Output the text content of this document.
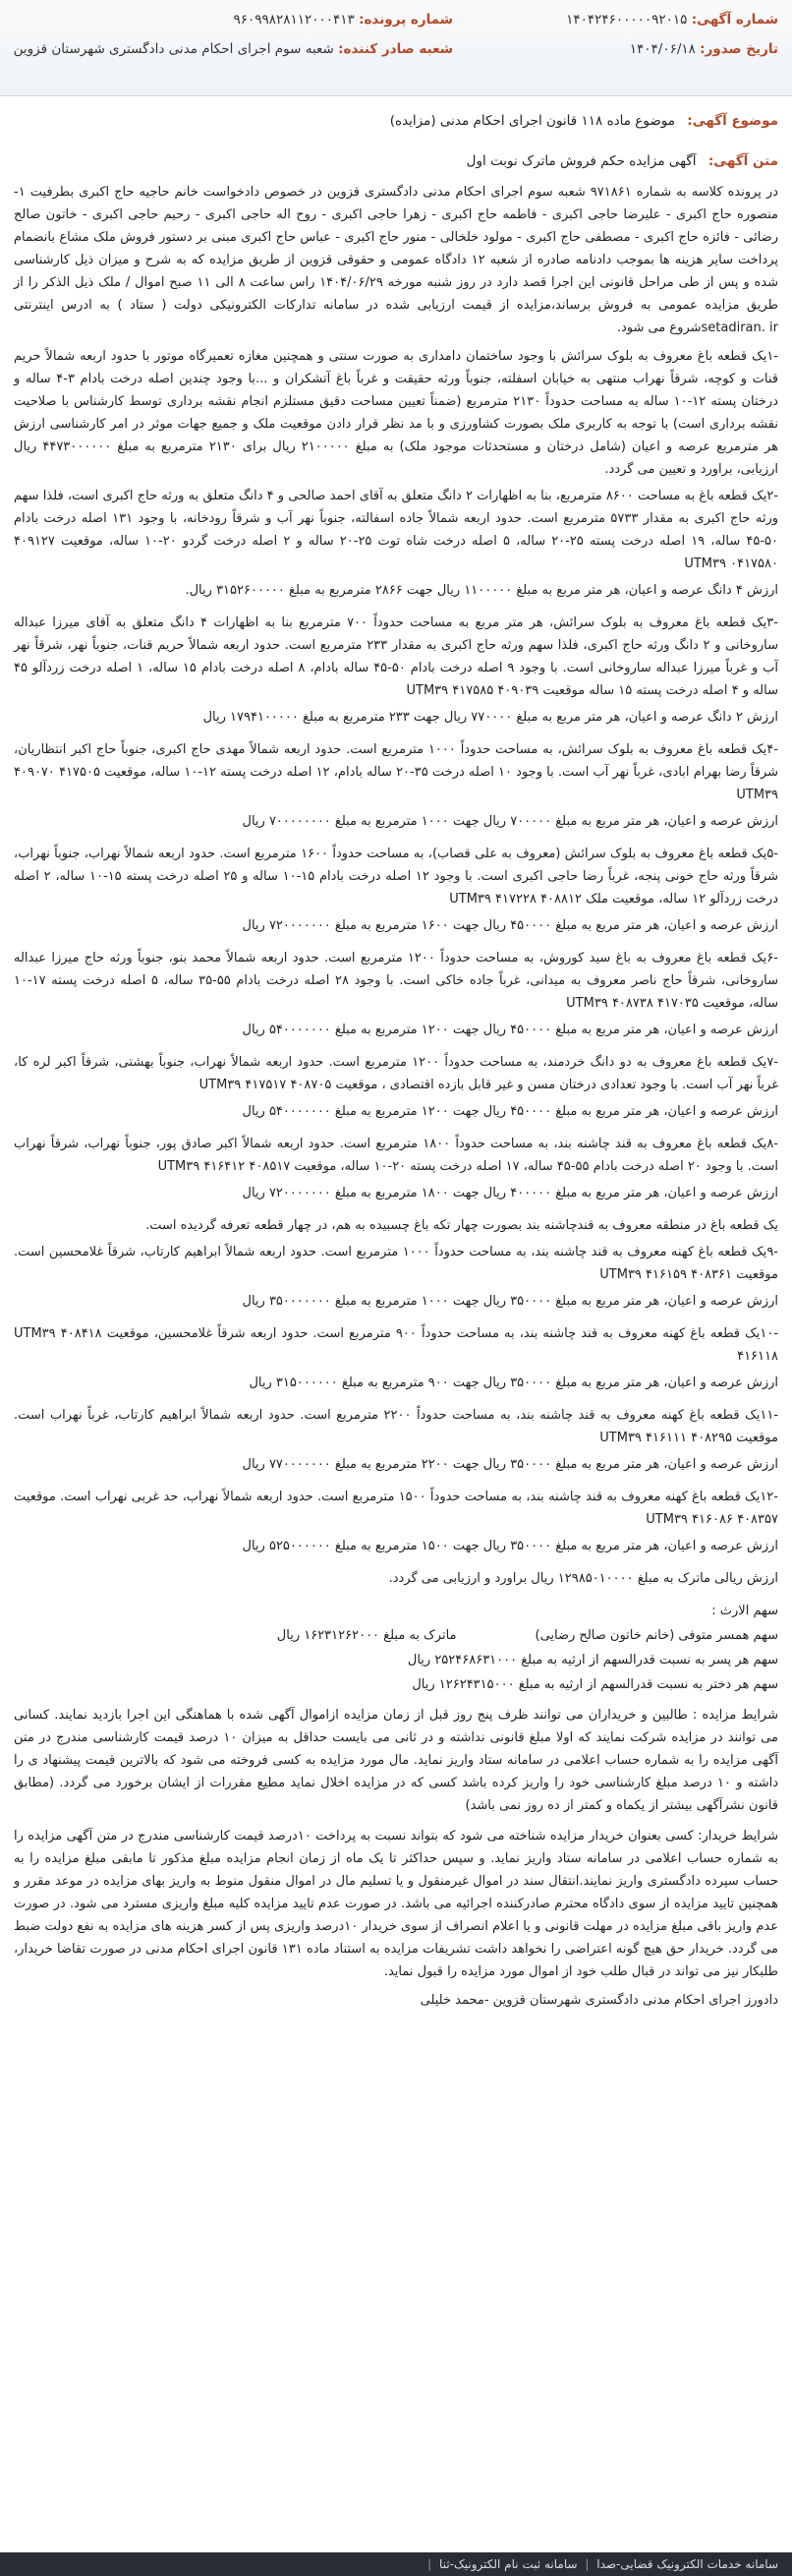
شماره آگهی: ۱۴۰۴۲۴۶۰۰۰۰۰۹۲۰۱۵
شماره پرونده: ۹۶۰۹۹۸۲۸۱۱۲۰۰۰۴۱۳
تاریخ صدور: ۱۴۰۴/۰۶/۱۸
شعبه صادر کننده: شعبه سوم اجرای احکام مدنی دادگستری شهرستان قزوین
موضوع آگهی: موضوع ماده ۱۱۸ قانون اجرای احکام مدنی (مزایده)
متن آگهی: آگهی مزایده حکم فروش ماترک نوبت اول

در پرونده کلاسه به شماره ۹۷۱۸۶۱ شعبه سوم اجرای احکام مدنی دادگستری قزوین در خصوص دادخواست خانم حاجیه حاج اکبری بطرفیت ۱- منصوره حاج اکبری - علیرضا حاجی اکبری - فاطمه حاج اکبری - زهرا حاجی اکبری - روح اله حاجی اکبری - رحیم حاجی اکبری - خاتون صالح رضائی - فائزه حاج اکبری - مصطفی حاج اکبری - مولود خلخالی - منور حاج اکبری - عباس حاج اکبری مبنی بر دستور فروش ملک مشاع بانضمام پرداخت سایر هزینه ها بموجب دادنامه صادره از شعبه ۱۲ دادگاه عمومی و حقوقی قزوین از طریق مزایده که به شرح و میزان ذیل کارشناسی شده و پس از طی مراحل قانونی این اجرا قصد دارد در روز شنبه مورخه ۱۴۰۴/۰۶/۲۹ راس ساعت ۸ الی ۱۱ صبح اموال / ملک ذیل الذکر را از طریق مزایده عمومی به فروش برساند،مزایده از قیمت ارزیابی شده در سامانه تدارکات الکترونیکی دولت ( ستاد ) به ادرس اینترنتی setadiran. irشروع می شود.

-۱یک قطعه باغ معروف به بلوک سرائش با وجود ساختمان دامداری به صورت سنتی و همچنین مغازه تعمیرگاه موتور با حدود اربعه شمالاً حریم قنات و کوچه، شرقاً نهراب منتهی به خیابان اسفلته، جنوباً ورثه حقیقت و غرباً باغ آتشکران و ...با وجود چندین اصله درخت بادام ۳-۴ ساله و درختان پسته ۱۲-۱۰ ساله به مساحت حدوداً ۲۱۳۰ مترمربع (ضمناً تعیین مساحت دقیق مستلزم انجام نقشه برداری توسط کارشناس با صلاحیت نقشه برداری است) با توجه به کاربری ملک بصورت کشاورزی و با مد نظر قرار دادن موقعیت ملک و جمیع جهات موثر در امر کارشناسی ارزش هر مترمربع عرصه و اعیان (شامل درختان و مستحدثات موجود ملک) به مبلغ ۲۱۰۰۰۰۰ ریال برای ۲۱۳۰ مترمربع به مبلغ ۴۴۷۳۰۰۰۰۰۰ ریال ارزیابی، براورد و تعیین می گردد.

-۲یک قطعه باغ به مساحت ۸۶۰۰ مترمربع، بنا به اظهارات ۲ دانگ متعلق به آقای احمد صالحی و ۴ دانگ متعلق به ورثه حاج اکبری است، فلذا سهم ورثه حاج اکبری به مقدار ۵۷۳۳ مترمربع است. حدود اربعه شمالاً جاده اسفالته، جنوباً نهر آب و شرقاً رودخانه، با وجود ۱۳۱ اصله درخت بادام ۵۰-۴۵ ساله، ۱۹ اصله درخت پسته ۲۵-۲۰ ساله، ۵ اصله درخت شاه توت ۲۵-۲۰ ساله و ۲ اصله درخت گردو ۲۰-۱۰ ساله، موقعیت ۴۰۹۱۲۷ ۰۴۱۷۵۸۰ UTM۳۹

ارزش ۴ دانگ عرصه و اعیان، هر متر مربع به مبلغ ۱۱۰۰۰۰۰ ریال جهت ۲۸۶۶ مترمربع به مبلغ ۳۱۵۲۶۰۰۰۰۰ ریال.

-۳یک قطعه باغ معروف به بلوک سرائش، هر متر مربع به مساحت حدوداً ۷۰۰ مترمربع بنا به اظهارات ۴ دانگ متعلق به آقای میرزا عبداله ساروخانی و ۲ دانگ ورثه حاج اکبری، فلذا سهم ورثه حاج اکبری به مقدار ۲۳۳ مترمربع است. حدود اربعه شمالاً حریم قنات، جنوباً نهر، شرقاً نهر آب و غرباً میرزا عبداله ساروخانی است. با وجود ۹ اصله درخت بادام ۵۰-۴۵ ساله بادام، ۸ اصله درخت بادام ۱۵ ساله، ۱ اصله درخت زردآلو ۴۵ ساله و ۴ اصله درخت پسته ۱۵ ساله موقعیت ۴۰۹۰۳۹ ۴۱۷۵۸۵ UTM۳۹

ارزش ۲ دانگ عرصه و اعیان، هر متر مربع به مبلغ ۷۷۰۰۰۰ ریال جهت ۲۳۳ مترمربع به مبلغ ۱۷۹۴۱۰۰۰۰۰ ریال

-۴یک قطعه باغ معروف به بلوک سرائش، به مساحت حدوداً ۱۰۰۰ مترمربع است. حدود اربعه شمالاً مهدی حاج اکبری، جنوباً حاج اکبر انتظاریان، شرقاً رضا بهرام ابادی، غرباً نهر آب است. با وجود ۱۰ اصله درخت ۳۵-۲۰ ساله بادام، ۱۲ اصله درخت پسته ۱۲-۱۰ ساله، موقعیت ۴۱۷۵۰۵ ۴۰۹۰۷۰ UTM۳۹

ارزش عرصه و اعیان، هر متر مربع به مبلغ ۷۰۰۰۰۰ ریال جهت ۱۰۰۰ مترمربع به مبلغ ۷۰۰۰۰۰۰۰۰ ریال

-۵یک قطعه باغ معروف به بلوک سرائش (معروف به علی قصاب)، به مساحت حدوداً ۱۶۰۰ مترمربع است. حدود اربعه شمالاً نهراب، جنوباً نهراب، شرقاً ورثه حاج خونی پنجه، غرباً رضا حاجی اکبری است. با وجود ۱۲ اصله درخت بادام ۱۵-۱۰ ساله و ۲۵ اصله درخت پسته ۱۵-۱۰ ساله، ۲ اصله درخت زردآلو ۱۲ ساله، موقعیت ملک ۴۰۸۸۱۲ ۴۱۷۲۲۸ UTM۳۹

ارزش عرصه و اعیان، هر متر مربع به مبلغ ۴۵۰۰۰۰ ریال جهت ۱۶۰۰ مترمربع به مبلغ ۷۲۰۰۰۰۰۰۰ ریال

-۶یک قطعه باغ معروف به باغ سید کوروش، به مساحت حدوداً ۱۲۰۰ مترمربع است. حدود اربعه شمالاً محمد بنو، جنوباً ورثه حاج میرزا عبداله ساروخانی، شرقاً حاج ناصر معروف به میدانی، غرباً جاده خاکی است. با وجود ۲۸ اصله درخت بادام ۵۵-۳۵ ساله، ۵ اصله درخت پسته ۱۷-۱۰ ساله، موقعیت ۴۱۷۰۳۵ ۴۰۸۷۳۸ UTM۳۹

ارزش عرصه و اعیان، هر متر مربع به مبلغ ۴۵۰۰۰۰ ریال جهت ۱۲۰۰ مترمربع به مبلغ ۵۴۰۰۰۰۰۰۰ ریال

-۷یک قطعه باغ معروف به دو دانگ خردمند، به مساحت حدوداً ۱۲۰۰ مترمربع است. حدود اربعه شمالاً نهراب، جنوباً بهشتی، شرقاً اکبر لره کا، غرباً نهر آب است. با وجود تعدادی درختان مسن و غیر قابل بازده اقتصادی ، موقعیت ۴۰۸۷۰۵ UTM۳۹ ۴۱۷۵۱۷

ارزش عرصه و اعیان، هر متر مربع به مبلغ ۴۵۰۰۰۰ ریال جهت ۱۲۰۰ مترمربع به مبلغ ۵۴۰۰۰۰۰۰۰ ریال

-۸یک قطعه باغ معروف به قند چاشنه بند، به مساحت حدوداً ۱۸۰۰ مترمربع است. حدود اربعه شمالاً اکبر صادق پور، جنوباً نهراب، شرقاً نهراب است. با وجود ۲۰ اصله درخت بادام ۵۵-۴۵ ساله، ۱۷ اصله درخت پسته ۲۰-۱۰ ساله، موقعیت ۴۰۸۵۱۷ ۴۱۶۴۱۲ UTM۳۹

ارزش عرصه و اعیان، هر متر مربع به مبلغ ۴۰۰۰۰۰ ریال جهت ۱۸۰۰ مترمربع به مبلغ ۷۲۰۰۰۰۰۰۰ ریال

یک قطعه باغ در منطقه معروف به قندچاشنه بند بصورت چهار تکه باغ چسبیده به هم، در چهار قطعه تعرفه گردیده است.

-۹یک قطعه باغ کهنه معروف به قند چاشنه بند، به مساحت حدوداً ۱۰۰۰ مترمربع است. حدود اربعه شمالاً ابراهیم کارتاب، شرقاً غلامحسین است. موقعیت ۴۰۸۳۶۱ ۴۱۶۱۵۹ UTM۳۹

ارزش عرصه و اعیان، هر متر مربع به مبلغ ۳۵۰۰۰۰ ریال جهت ۱۰۰۰ مترمربع به مبلغ ۳۵۰۰۰۰۰۰۰ ریال

-۱۰یک قطعه باغ کهنه معروف به قند چاشنه بند، به مساحت حدوداً ۹۰۰ مترمربع است. حدود اربعه شرقاً غلامحسین، موقعیت ۴۰۸۴۱۸ UTM۳۹ ۴۱۶۱۱۸

ارزش عرصه و اعیان، هر متر مربع به مبلغ ۳۵۰۰۰۰ ریال جهت ۹۰۰ مترمربع به مبلغ ۳۱۵۰۰۰۰۰۰ ریال

-۱۱یک قطعه باغ کهنه معروف به قند چاشنه بند، به مساحت حدوداً ۲۲۰۰ مترمربع است. حدود اربعه شمالاً ابراهیم کارتاب، غرباً نهراب است. موقعیت ۴۰۸۲۹۵ ۴۱۶۱۱۱ UTM۳۹

ارزش عرصه و اعیان، هر متر مربع به مبلغ ۳۵۰۰۰۰ ریال جهت ۲۲۰۰ مترمربع به مبلغ ۷۷۰۰۰۰۰۰۰ ریال

-۱۲یک قطعه باغ کهنه معروف به قند چاشنه بند، به مساحت حدوداً ۱۵۰۰ مترمربع است. حدود اربعه شمالاً نهراب، حد غربی نهراب است. موقعیت ۴۰۸۳۵۷ UTM۳۹ ۴۱۶۰۸۶

ارزش عرصه و اعیان، هر متر مربع به مبلغ ۳۵۰۰۰۰ ریال جهت ۱۵۰۰ مترمربع به مبلغ ۵۲۵۰۰۰۰۰۰ ریال

ارزش ریالی ماترک به مبلغ ۱۲۹۸۵۰۱۰۰۰۰ ریال براورد و ارزیابی می گردد.

سهم الارث :

سهم همسر متوفی (خانم خاتون صالح رضایی)
ماترک به مبلغ ۱۶۲۳۱۲۶۲۰۰۰ ریال
سهم هر پسر به نسبت قدرالسهم از ارثیه به مبلغ ۲۵۲۴۶۸۶۳۱۰۰۰ ریال
سهم هر دختر به نسبت قدرالسهم از ارثیه به مبلغ ۱۲۶۲۴۳۱۵۰۰۰ ریال

شرایط مزایده : طالبین و خریداران می توانند ظرف پنج روز قبل از زمان مزایده ازاموال آگهی شده با هماهنگی این اجرا بازدید نمایند. کسانی می توانند در مزایده شرکت نمایند که اولا مبلغ قانونی نداشته و در ثانی می بایست حداقل به میزان ۱۰ درصد قیمت کارشناسی مندرج در متن آگهی مزایده را به شماره حساب اعلامی در سامانه ستاد واریز نماید. مال مورد مزایده به کسی فروخته می شود که بالاترین قیمت پیشنهاد ی را داشته و ۱۰ درصد مبلغ کارشناسی خود را واریز کرده باشد کسی که در مزایده اخلال نماید مطیع مقررات از ایشان برخورد می گردد. (مطابق قانون نشرآگهی بیشتر از یکماه و کمتر از ده روز نمی باشد)

شرایط خریدار: کسی بعنوان خریدار مزایده شناخته می شود که بتواند نسبت به پرداخت ۱۰درصد قیمت کارشناسی مندرج در متن آگهی مزایده را به شماره حساب اعلامی در سامانه ستاد واریز نماید. و سپس حداکثر تا یک ماه از زمان انجام مزایده مبلغ مذکور تا مابقی مبلغ مزایده را به حساب سپرده دادگستری واریز نمایند.انتقال سند در اموال غیرمنقول و یا تسلیم مال در اموال منقول منوط به واریز بهای مزایده در موعد مقرر و همچنین تایید مزایده از سوی دادگاه محترم صادرکننده اجرائیه می باشد. در صورت عدم تایید مزایده کلیه مبلغ واریزی مسترد می شود. در صورت عدم واریز باقی مبلغ مزایده در مهلت قانونی و یا اعلام انصراف از سوی خریدار ۱۰درصد واریزی پس از کسر هزینه های مزایده به نفع دولت ضبط می گردد. خریدار حق هیچ گونه اعتراضی را نخواهد داشت تشریفات مزایده به استناد ماده ۱۳۱ قانون اجرای احکام مدنی در صورت تقاضا خریدار، طلبکار نیز می تواند در قبال طلب خود از اموال مورد مزایده را قبول نماید.

دادورز اجرای احکام مدنی دادگستری شهرستان قزوین -محمد خلیلی

سامانه خدمات الکترونیک قضایی-صدا | سامانه ثبت نام الکترونیک-ثنا |
